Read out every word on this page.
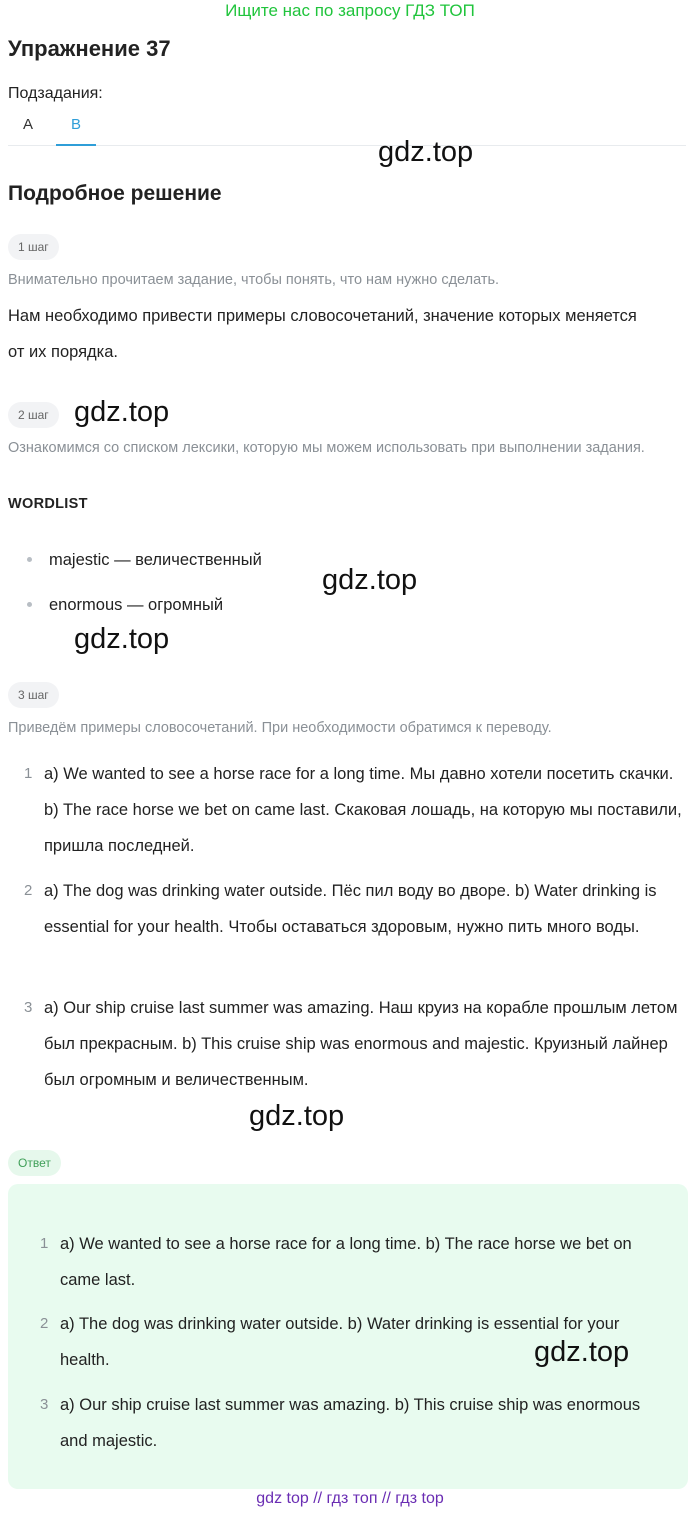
Ищите нас по запросу ГДЗ ТОП
Упражнение 37
Подзадания:
A	B
gdz.top
Подробное решение
1 шаг
Внимательно прочитаем задание, чтобы понять, что нам нужно сделать.
Нам необходимо привести примеры словосочетаний, значение которых меняется от их порядка.
2 шаг gdz.top
Ознакомимся со списком лексики, которую мы можем использовать при выполнении задания.
WORDLIST
majestic — величественный
gdz.top
enormous — огромный
gdz.top
3 шаг
Приведём примеры словосочетаний. При необходимости обратимся к переводу.
1 a) We wanted to see a horse race for a long time. Мы давно хотели посетить скачки. b) The race horse we bet on came last. Скаковая лошадь, на которую мы поставили, пришла последней.
2 a) The dog was drinking water outside. Пёс пил воду во дворе. b) Water drinking is essential for your health. Чтобы оставаться здоровым, нужно пить много воды.
3 a) Our ship cruise last summer was amazing. Наш круиз на корабле прошлым летом был прекрасным. b) This cruise ship was enormous and majestic. Круизный лайнер был огромным и величественным.
gdz.top
Ответ
1 a) We wanted to see a horse race for a long time. b) The race horse we bet on came last.
2 a) The dog was drinking water outside. b) Water drinking is essential for your health.	gdz.top
3 a) Our ship cruise last summer was amazing. b) This cruise ship was enormous and majestic.
gdz top // гдз топ // гдз top
